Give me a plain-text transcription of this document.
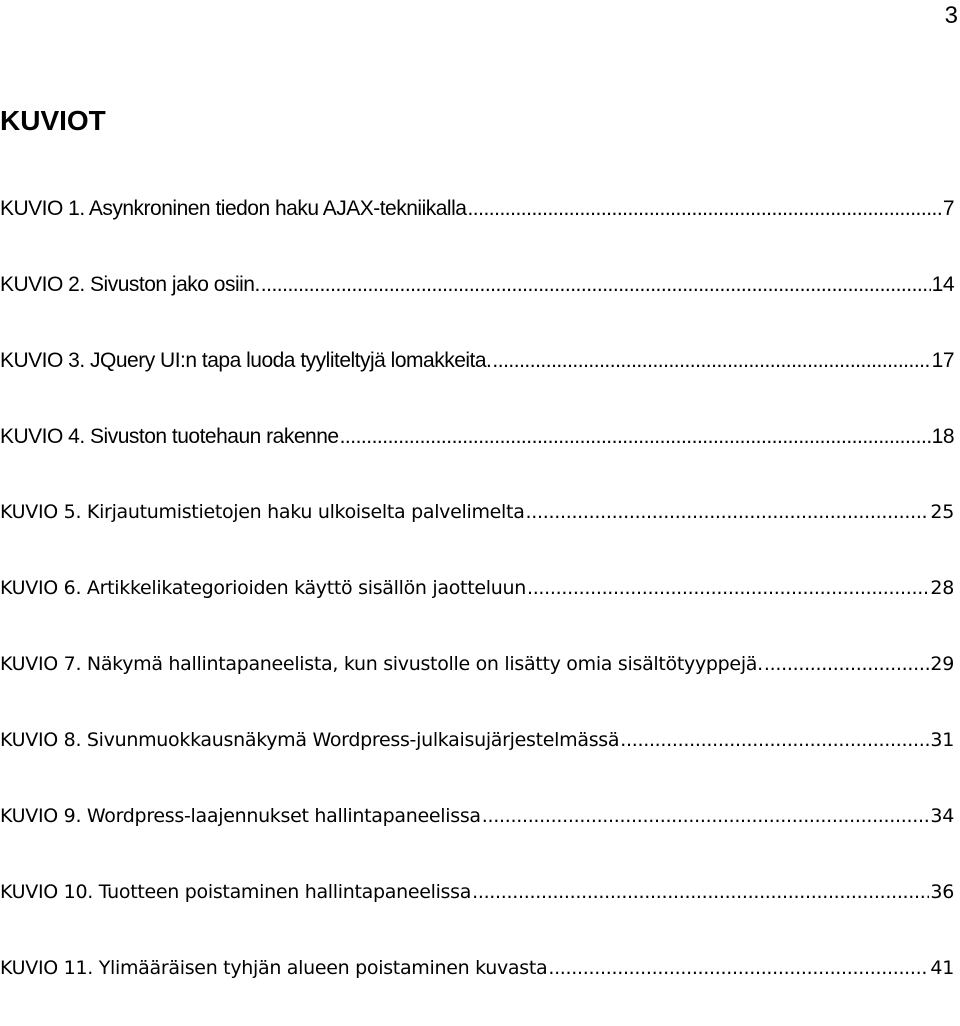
3
KUVIOT
KUVIO 1. Asynkroninen tiedon haku AJAX-tekniikalla .....	7
KUVIO 2. Sivuston jako osiin. .....	14
KUVIO 3. JQuery UI:n tapa luoda tyyliteltyjä lomakkeita. .....	17
KUVIO 4. Sivuston tuotehaun rakenne .....	18
KUVIO 5. Kirjautumistietojen haku ulkoiselta palvelimelta .....	25
KUVIO 6. Artikkelikategorioiden käyttö sisällön jaotteluun .....	28
KUVIO 7. Näkymä hallintapaneelista, kun sivustolle on lisätty omia sisältötyyppejä. .....	29
KUVIO 8. Sivunmuokkausnäkymä Wordpress-julkaisujärjestelmässä .....	31
KUVIO 9. Wordpress-laajennukset hallintapaneelissa .....	34
KUVIO 10. Tuotteen poistaminen hallintapaneelissa .....	36
KUVIO 11. Ylimääräisen tyhjän alueen poistaminen kuvasta .....	41
